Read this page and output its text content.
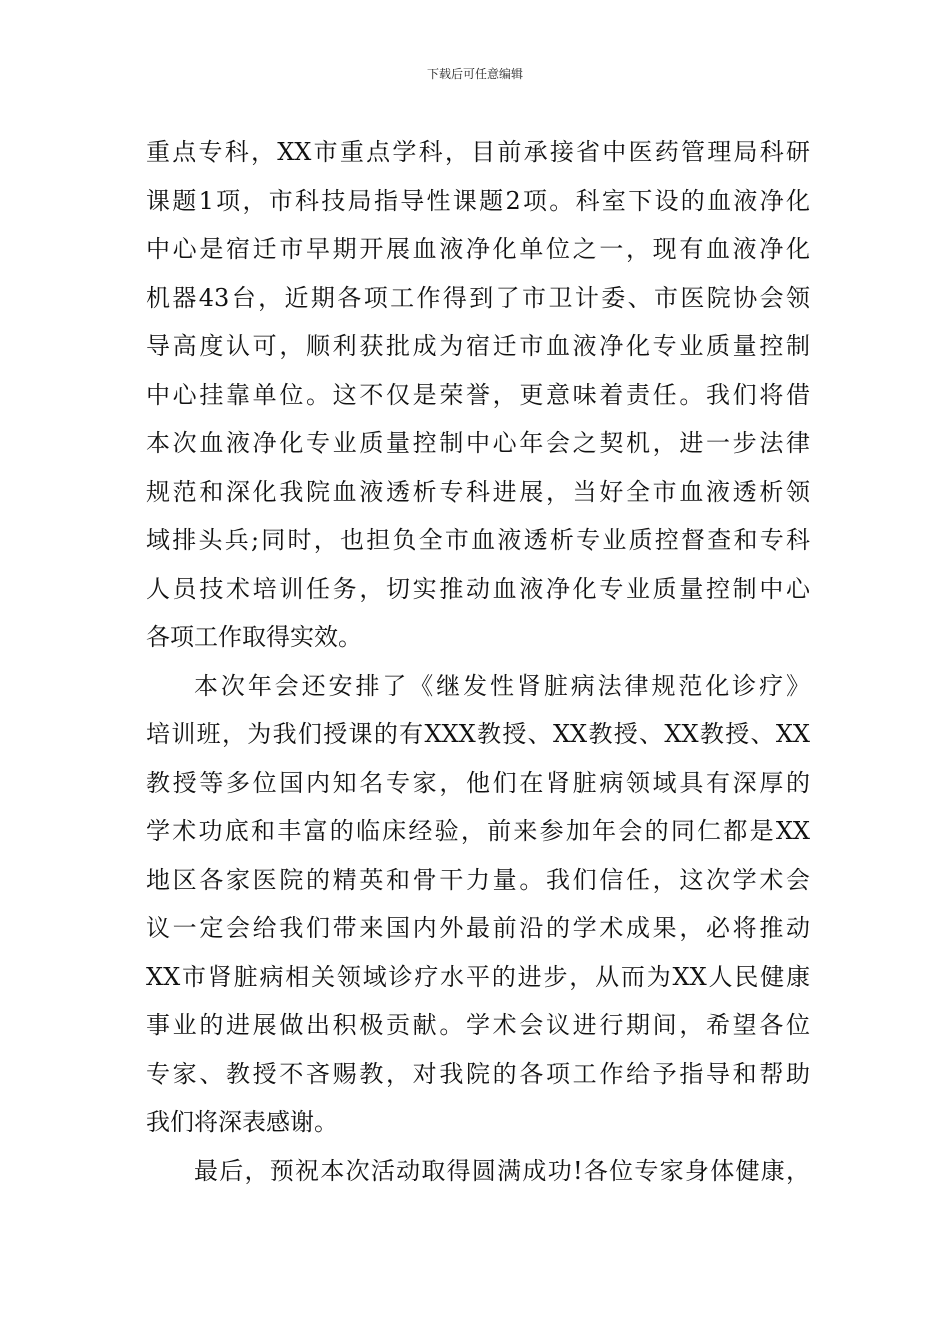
下载后可任意编辑
重点专科，XX市重点学科，目前承接省中医药管理局科研
课题1项，市科技局指导性课题2项。科室下设的血液净化
中心是宿迁市早期开展血液净化单位之一，现有血液净化
机器43台，近期各项工作得到了市卫计委、市医院协会领
导高度认可，顺利获批成为宿迁市血液净化专业质量控制
中心挂靠单位。这不仅是荣誉，更意味着责任。我们将借
本次血液净化专业质量控制中心年会之契机，进一步法律
规范和深化我院血液透析专科进展，当好全市血液透析领
域排头兵;同时，也担负全市血液透析专业质控督查和专科
人员技术培训任务，切实推动血液净化专业质量控制中心
各项工作取得实效。
本次年会还安排了《继发性肾脏病法律规范化诊疗》
培训班，为我们授课的有XXX教授、XX教授、XX教授、XX
教授等多位国内知名专家，他们在肾脏病领域具有深厚的
学术功底和丰富的临床经验，前来参加年会的同仁都是XX
地区各家医院的精英和骨干力量。我们信任，这次学术会
议一定会给我们带来国内外最前沿的学术成果，必将推动
XX市肾脏病相关领域诊疗水平的进步，从而为XX人民健康
事业的进展做出积极贡献。学术会议进行期间，希望各位
专家、教授不吝赐教，对我院的各项工作给予指导和帮助
我们将深表感谢。
最后，预祝本次活动取得圆满成功!各位专家身体健康，
